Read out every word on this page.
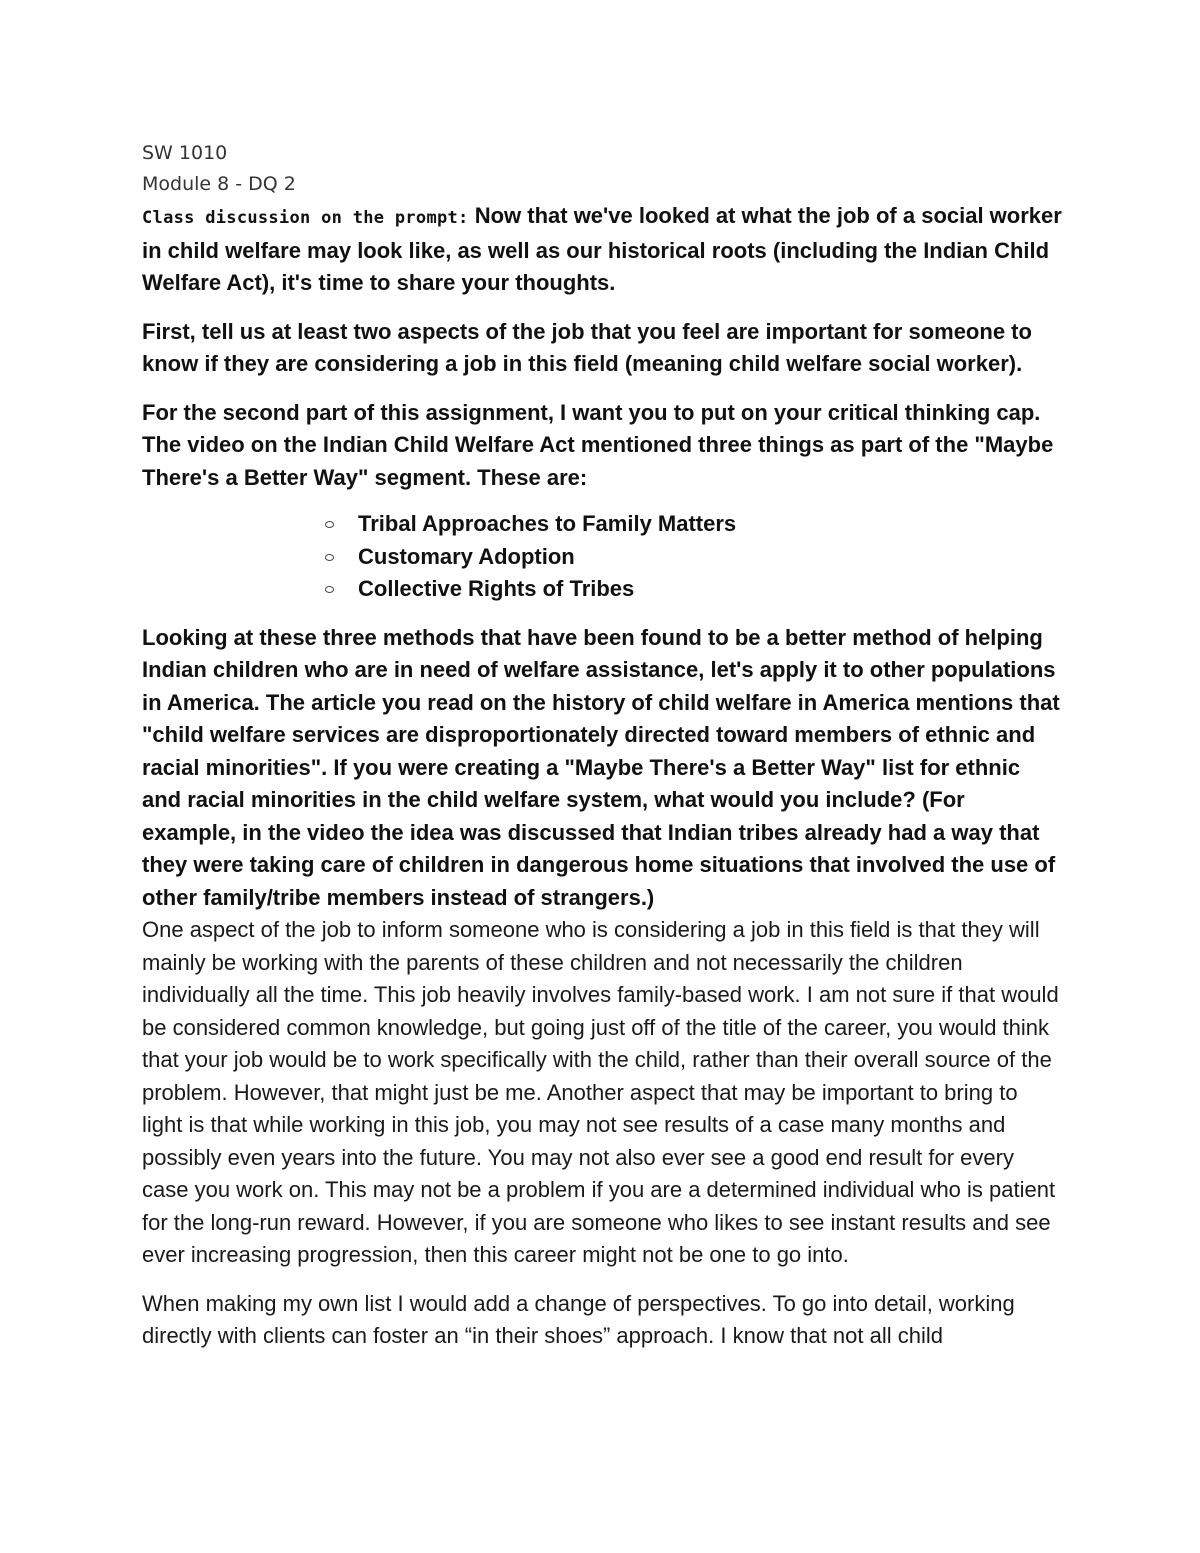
SW 1010
Module 8 - DQ 2

Class discussion on the prompt: Now that we've looked at what the job of a social worker in child welfare may look like, as well as our historical roots (including the Indian Child Welfare Act), it's time to share your thoughts.

First, tell us at least two aspects of the job that you feel are important for someone to know if they are considering a job in this field (meaning child welfare social worker).

For the second part of this assignment, I want you to put on your critical thinking cap. The video on the Indian Child Welfare Act mentioned three things as part of the "Maybe There's a Better Way" segment. These are:

Tribal Approaches to Family Matters
Customary Adoption
Collective Rights of Tribes

Looking at these three methods that have been found to be a better method of helping Indian children who are in need of welfare assistance, let's apply it to other populations in America. The article you read on the history of child welfare in America mentions that "child welfare services are disproportionately directed toward members of ethnic and racial minorities". If you were creating a "Maybe There's a Better Way" list for ethnic and racial minorities in the child welfare system, what would you include? (For example, in the video the idea was discussed that Indian tribes already had a way that they were taking care of children in dangerous home situations that involved the use of other family/tribe members instead of strangers.)

One aspect of the job to inform someone who is considering a job in this field is that they will mainly be working with the parents of these children and not necessarily the children individually all the time. This job heavily involves family-based work. I am not sure if that would be considered common knowledge, but going just off of the title of the career, you would think that your job would be to work specifically with the child, rather than their overall source of the problem. However, that might just be me. Another aspect that may be important to bring to light is that while working in this job, you may not see results of a case many months and possibly even years into the future. You may not also ever see a good end result for every case you work on. This may not be a problem if you are a determined individual who is patient for the long-run reward. However, if you are someone who likes to see instant results and see ever increasing progression, then this career might not be one to go into.

When making my own list I would add a change of perspectives. To go into detail, working directly with clients can foster an “in their shoes” approach. I know that not all child
